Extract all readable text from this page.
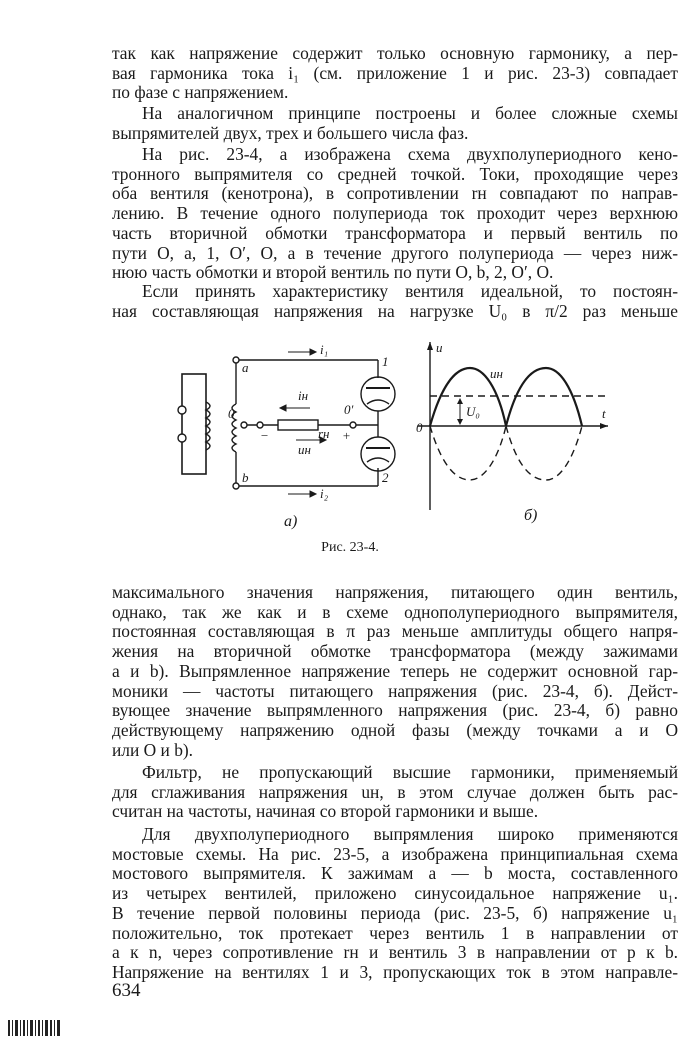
так как напряжение содержит только основную гармонику, а пер-
вая гармоника тока i₁ (см. приложение 1 и рис. 23-3) совпадает
по фазе с напряжением.
На аналогичном принципе построены и более сложные схемы
выпрямителей двух, трех и большего числа фаз.
На рис. 23-4, а изображена схема двухполупериодного кено-
тронного выпрямителя со средней точкой. Токи, проходящие через
оба вентиля (кенотрона), в сопротивлении rн совпадают по направ-
лению. В течение одного полупериода ток проходит через верхнюю
часть вторичной обмотки трансформатора и первый вентиль по
пути O, a, 1, O′, O, а в течение другого полупериода — через ниж-
нюю часть обмотки и второй вентиль по пути O, b, 2, O′, O.
Если принять характеристику вентиля идеальной, то постоян-
ная составляющая напряжения на нагрузке U₀ в π/2 раз меньше
i₁
i₂
iн
uн
rн
a
b
0	0′
1
2
−	+
а)
u
t
0
uн
U₀
б)
Рис. 23-4.
максимального значения напряжения, питающего один вентиль,
однако, так же как и в схеме однополупериодного выпрямителя,
постоянная составляющая в π раз меньше амплитуды общего напря-
жения на вторичной обмотке трансформатора (между зажимами
a и b). Выпрямленное напряжение теперь не содержит основной гар-
моники — частоты питающего напряжения (рис. 23-4, б). Дейст-
вующее значение выпрямленного напряжения (рис. 23-4, б) равно
действующему напряжению одной фазы (между точками a и O
или O и b).
Фильтр, не пропускающий высшие гармоники, применяемый
для сглаживания напряжения uн, в этом случае должен быть рас-
считан на частоты, начиная со второй гармоники и выше.
Для двухполупериодного выпрямления широко применяются
мостовые схемы. На рис. 23-5, а изображена принципиальная схема
мостового выпрямителя. К зажимам a — b моста, составленного
из четырех вентилей, приложено синусоидальное напряжение u₁.
В течение первой половины периода (рис. 23-5, б) напряжение u₁
положительно, ток протекает через вентиль 1 в направлении от
a к n, через сопротивление rн и вентиль 3 в направлении от p к b.
Напряжение на вентилях 1 и 3, пропускающих ток в этом направле-
634
